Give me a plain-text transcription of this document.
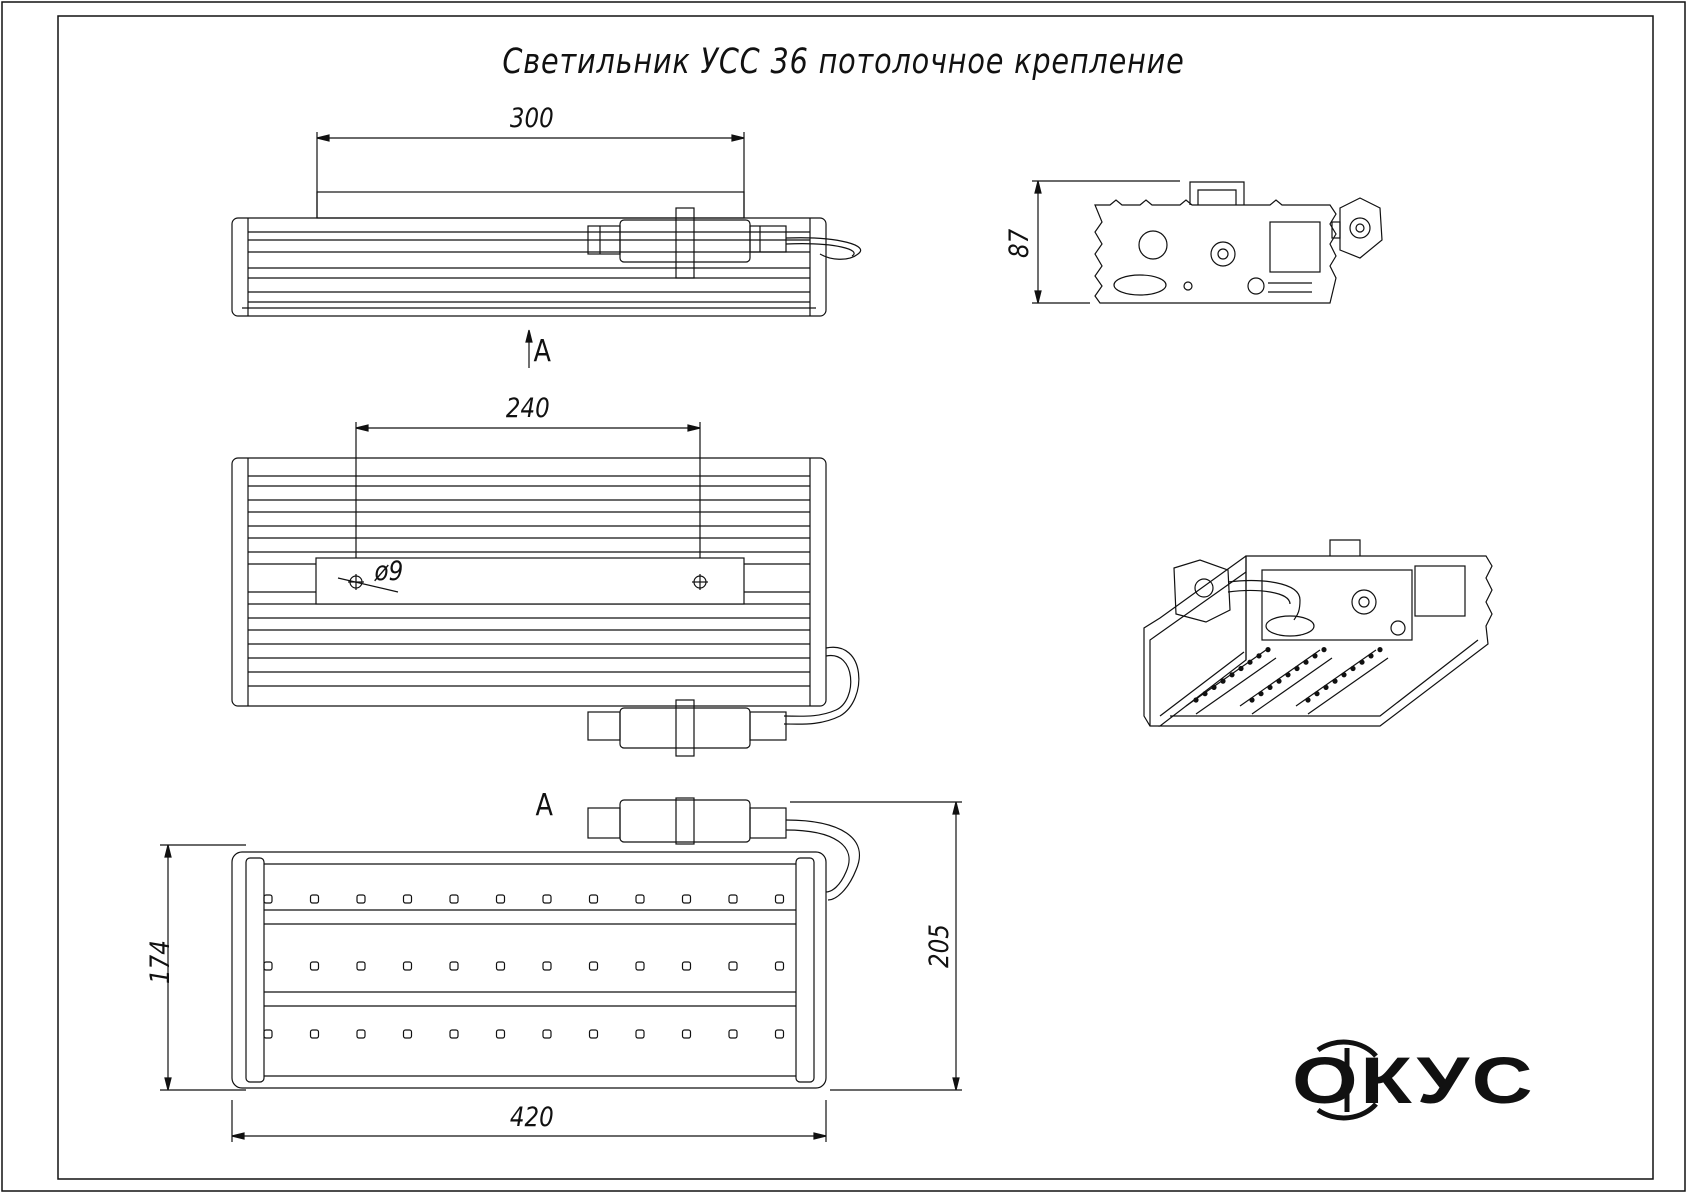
Светильник УСС 36 потолочное крепление
300
240
ø9
420
87
174	205
A
A
ОКУС
